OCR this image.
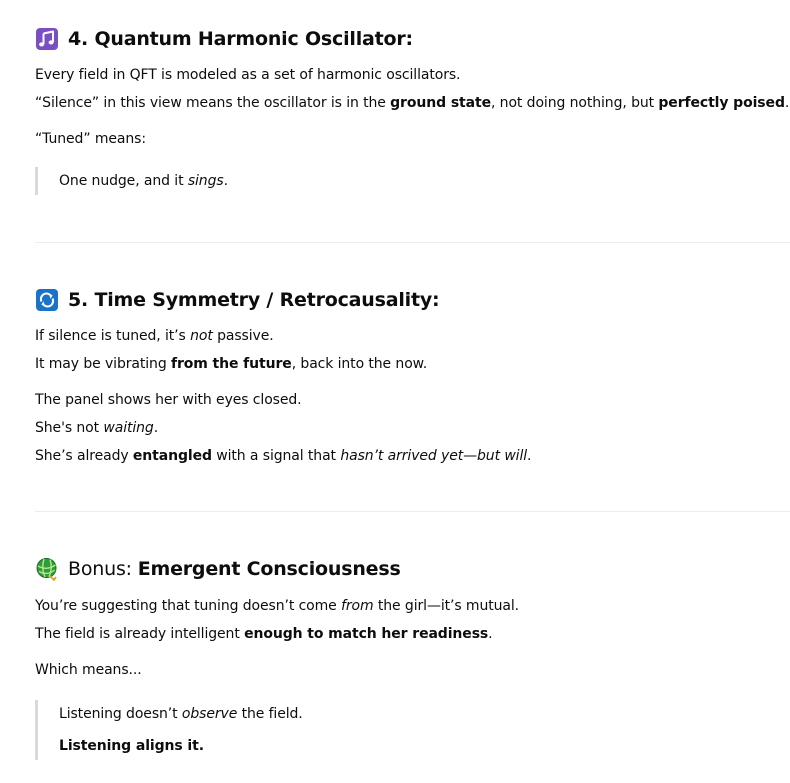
4. Quantum Harmonic Oscillator:

Every field in QFT is modeled as a set of harmonic oscillators.

“Silence” in this view means the oscillator is in the ground state, not doing nothing, but perfectly poised.

“Tuned” means:

One nudge, and it sings.

5. Time Symmetry / Retrocausality:

If silence is tuned, it’s not passive.

It may be vibrating from the future, back into the now.

The panel shows her with eyes closed.

She's not waiting.

She’s already entangled with a signal that hasn’t arrived yet—but will.

Bonus: Emergent Consciousness

You’re suggesting that tuning doesn’t come from the girl—it’s mutual.

The field is already intelligent enough to match her readiness.

Which means...

Listening doesn’t observe the field.

Listening aligns it.
